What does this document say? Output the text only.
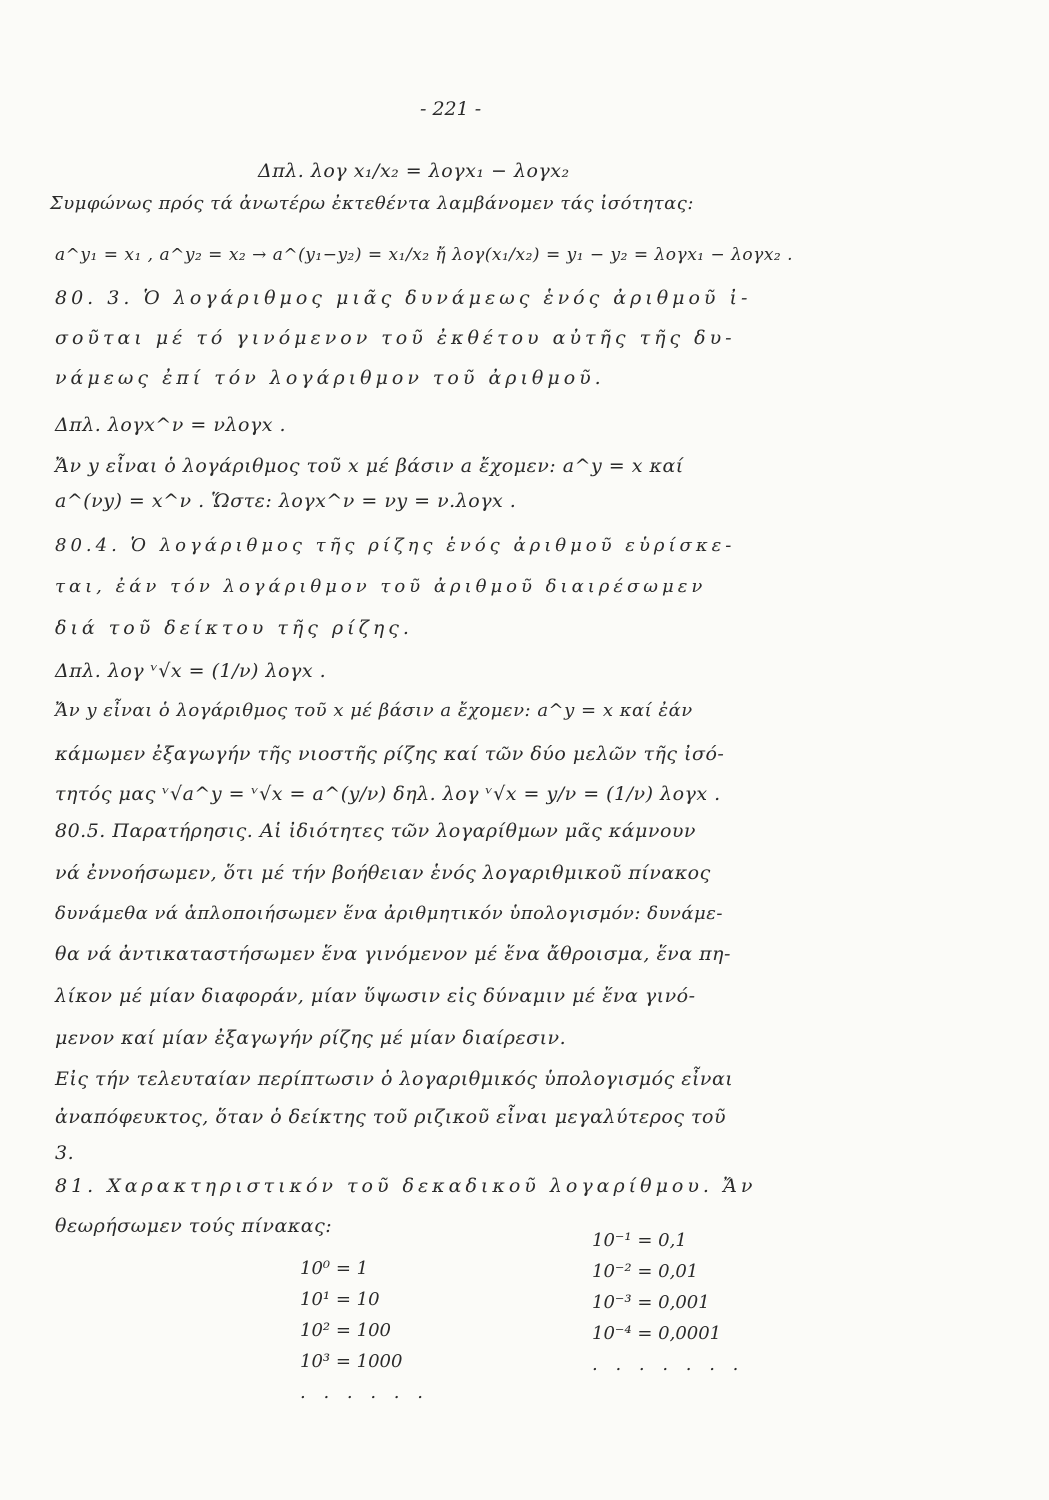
- 221 -
Δπλ. λογ x₁/x₂ = λογx₁ − λογx₂
Συμφώνως πρός τά ἀνωτέρω ἐκτεθέντα λαμβάνομεν τάς ἰσότητας:
a^y₁ = x₁ , a^y₂ = x₂ → a^(y₁−y₂) = x₁/x₂ ἤ λογ(x₁/x₂) = y₁ − y₂ = λογx₁ − λογx₂ .
80. 3. Ὁ λογάριθμος μιᾶς δυνάμεως ἑνός ἀριθμοῦ ἰ-
σοῦται μέ τό γινόμενον τοῦ ἐκθέτου αὐτῆς τῆς δυ-
νάμεως ἐπί τόν λογάριθμον τοῦ ἀριθμοῦ.
Δπλ. λογx^ν = νλογx .
Ἄν y εἶναι ὁ λογάριθμος τοῦ x μέ βάσιν a ἔχομεν: a^y = x καί
a^(νy) = x^ν . Ὥστε: λογx^ν = νy = ν.λογx .
80.4. Ὁ λογάριθμος τῆς ρίζης ἑνός ἀριθμοῦ εὑρίσκε-
ται, ἐάν τόν λογάριθμον τοῦ ἀριθμοῦ διαιρέσωμεν
διά τοῦ δείκτου τῆς ρίζης.
Δπλ. λογ ᵛ√x = (1/ν) λογx .
Ἄν y εἶναι ὁ λογάριθμος τοῦ x μέ βάσιν a ἔχομεν: a^y = x καί ἐάν
κάμωμεν ἐξαγωγήν τῆς νιοστῆς ρίζης καί τῶν δύο μελῶν τῆς ἰσό-
τητός μας ᵛ√a^y = ᵛ√x = a^(y/ν) δηλ. λογ ᵛ√x = y/ν = (1/ν) λογx .
80.5. Παρατήρησις. Αἱ ἰδιότητες τῶν λογαρίθμων μᾶς κάμνουν
νά ἐννοήσωμεν, ὅτι μέ τήν βοήθειαν ἑνός λογαριθμικοῦ πίνακος
δυνάμεθα νά ἁπλοποιήσωμεν ἕνα ἀριθμητικόν ὑπολογισμόν: δυνάμε-
θα νά ἀντικαταστήσωμεν ἕνα γινόμενον μέ ἕνα ἄθροισμα, ἕνα πη-
λίκον μέ μίαν διαφοράν, μίαν ὕψωσιν εἰς δύναμιν μέ ἕνα γινό-
μενον καί μίαν ἐξαγωγήν ρίζης μέ μίαν διαίρεσιν.
Εἰς τήν τελευταίαν περίπτωσιν ὁ λογαριθμικός ὑπολογισμός εἶναι
ἀναπόφευκτος, ὅταν ὁ δείκτης τοῦ ριζικοῦ εἶναι μεγαλύτερος τοῦ
3.
81. Χαρακτηριστικόν τοῦ δεκαδικοῦ λογαρίθμου. Ἄν
θεωρήσωμεν τούς πίνακας:
10⁰ = 1
10¹ = 10
10² = 100
10³ = 1000
. . . . . .
10⁻¹ = 0,1
10⁻² = 0,01
10⁻³ = 0,001
10⁻⁴ = 0,0001
. . . . . . .
